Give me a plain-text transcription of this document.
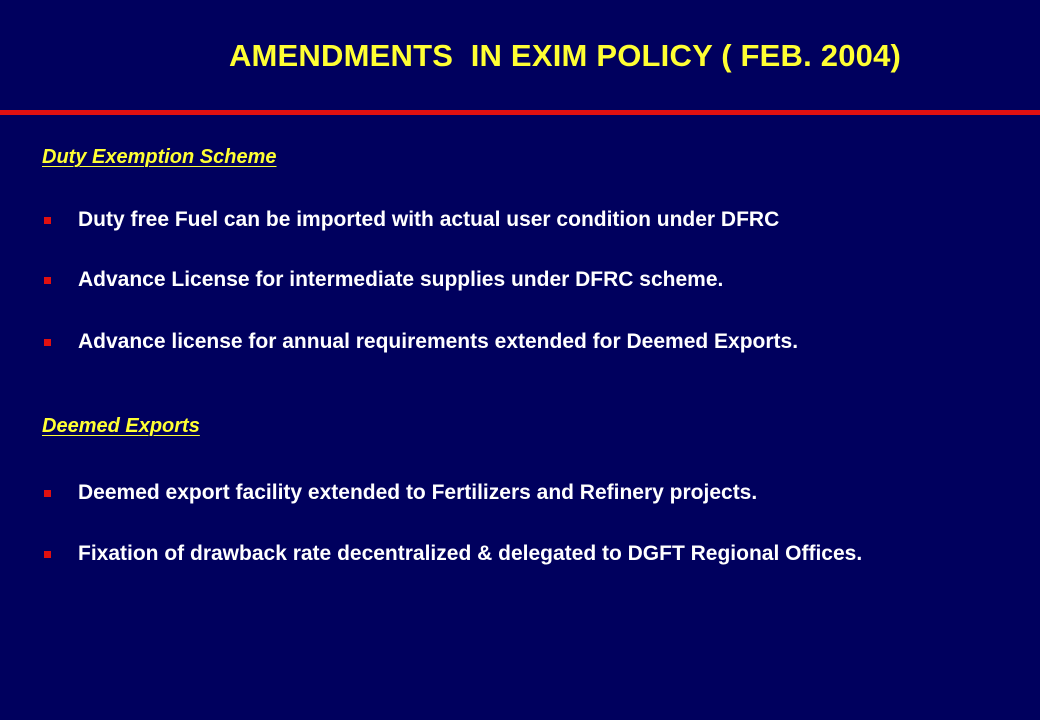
AMENDMENTS  IN EXIM POLICY ( FEB. 2004)
Duty Exemption Scheme
Duty free Fuel can be imported with actual user condition under DFRC
Advance License for intermediate supplies under DFRC scheme.
Advance license for annual requirements extended for Deemed Exports.
Deemed Exports
Deemed export facility extended to Fertilizers and Refinery projects.
Fixation of drawback rate decentralized & delegated to DGFT Regional Offices.
